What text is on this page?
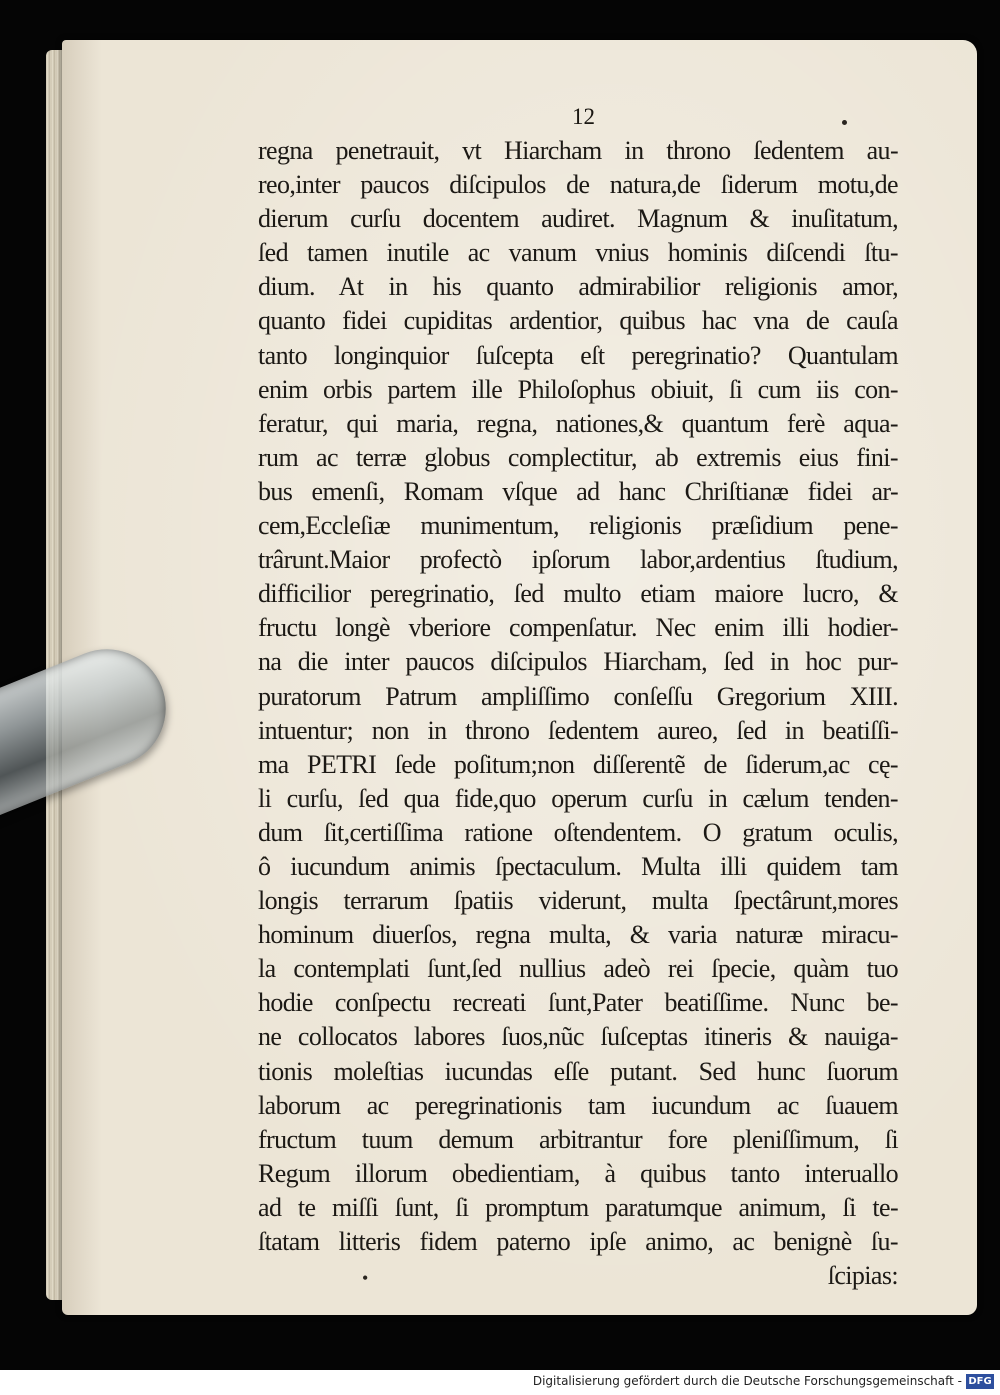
12
regna penetrauit, vt Hiarcham in throno ſedentem au-
reo,inter paucos diſcipulos de natura,de ſiderum motu,de
dierum curſu docentem audiret. Magnum & inuſitatum,
ſed tamen inutile ac vanum vnius hominis diſcendi ſtu-
dium. At in his quanto admirabilior religionis amor,
quanto fidei cupiditas ardentior, quibus hac vna de cauſa
tanto longinquior ſuſcepta eſt peregrinatio? Quantulam
enim orbis partem ille Philoſophus obiuit, ſi cum iis con-
feratur, qui maria, regna, nationes,& quantum ferè aqua-
rum ac terræ globus complectitur, ab extremis eius fini-
bus emenſi, Romam vſque ad hanc Chriſtianæ fidei ar-
cem,Eccleſiæ munimentum, religionis præſidium pene-
trârunt.Maior profectò ipſorum labor,ardentius ſtudium,
difficilior peregrinatio, ſed multo etiam maiore lucro, &
fructu longè vberiore compenſatur. Nec enim illi hodier-
na die inter paucos diſcipulos Hiarcham, ſed in hoc pur-
puratorum Patrum ampliſſimo conſeſſu Gregorium XIII.
intuentur; non in throno ſedentem aureo, ſed in beatiſſi-
ma PETRI ſede poſitum;non diſſerentẽ de ſiderum,ac cę-
li curſu, ſed qua fide,quo operum curſu in cælum tenden-
dum ſit,certiſſima ratione oſtendentem. O gratum oculis,
ô iucundum animis ſpectaculum. Multa illi quidem tam
longis terrarum ſpatiis viderunt, multa ſpectârunt,mores
hominum diuerſos, regna multa, & varia naturæ miracu-
la contemplati ſunt,ſed nullius adeò rei ſpecie, quàm tuo
hodie conſpectu recreati ſunt,Pater beatiſſime. Nunc be-
ne collocatos labores ſuos,nũc ſuſceptas itineris & nauiga-
tionis moleſtias iucundas eſſe putant. Sed hunc ſuorum
laborum ac peregrinationis tam iucundum ac ſuauem
fructum tuum demum arbitrantur fore pleniſſimum, ſi
Regum illorum obedientiam, à quibus tanto interuallo
ad te miſſi ſunt, ſi promptum paratumque animum, ſi te-
ſtatam litteris fidem paterno ipſe animo, ac benignè ſu-
ſcipias:
•
Digitalisierung gefördert durch die Deutsche Forschungsgemeinschaft - DFG
